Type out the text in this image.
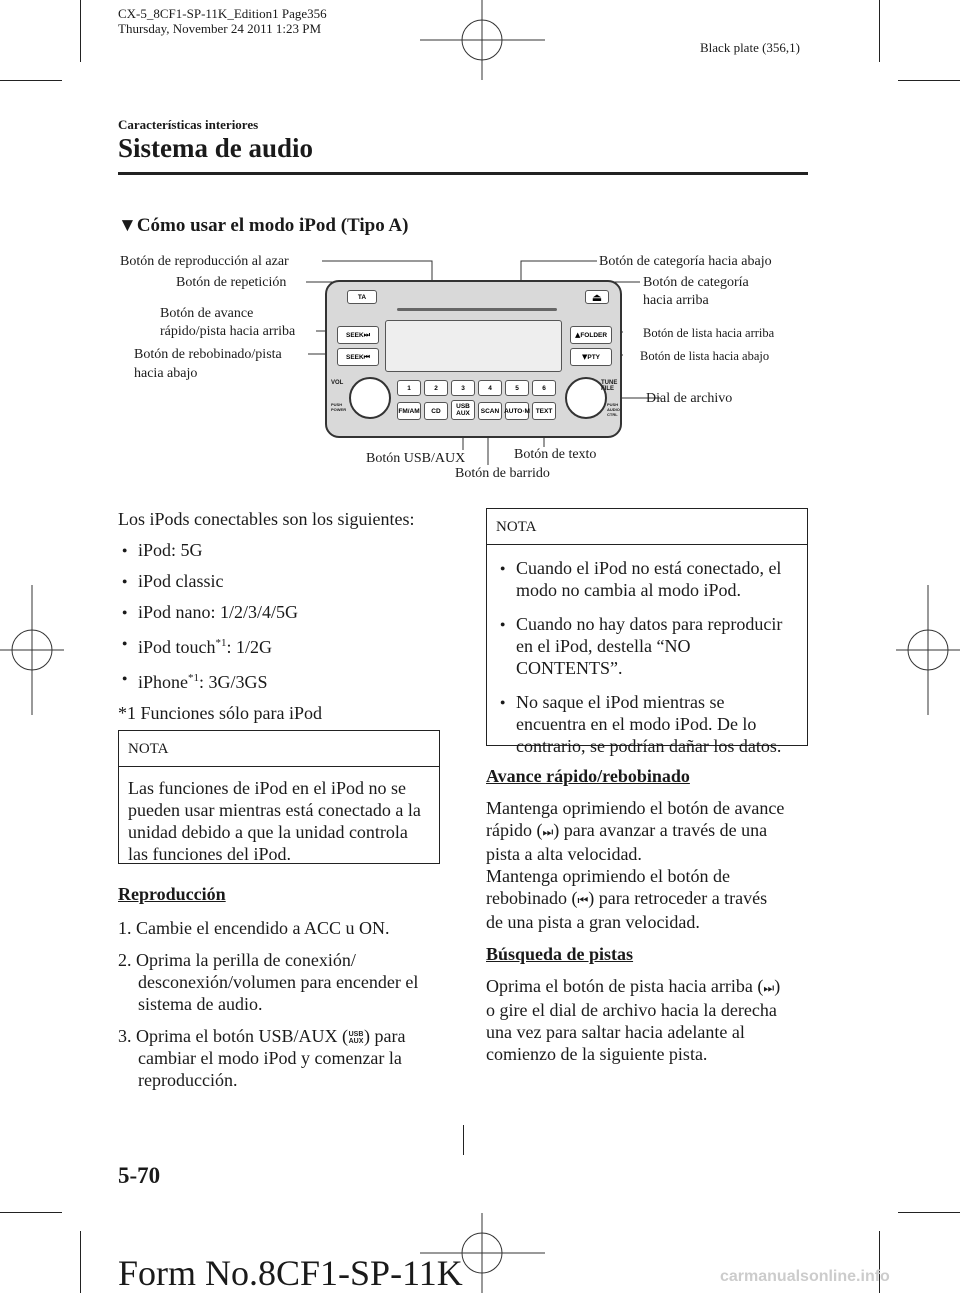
CX-5_8CF1-SP-11K_Edition1 Page356
Thursday, November 24 2011 1:23 PM
Black plate (356,1)
Características interiores
Sistema de audio
▼Cómo usar el modo iPod (Tipo A)
TA	⏏
SEEK ⏭
SEEK ⏮
▲ FOLDER
▼ PTY
VOL
PUSH POWER
TUNE FILE
PUSH AUDIO CTRL
1	2	3	4	5	6
FM/AM	CD
USB AUX	SCAN AUTO·M TEXT
Botón de reproducción al azar
Botón de repetición
Botón de avance
rápido/pista hacia arriba
Botón de rebobinado/pista
hacia abajo
Botón de categoría hacia abajo
Botón de categoría
hacia arriba
Botón de lista hacia arriba
Botón de lista hacia abajo
Dial de archivo
Botón USB/AUX	Botón de texto
Botón de barrido
Los iPods conectables son los siguientes:
● iPod: 5G
● iPod classic
● iPod nano: 1/2/3/4/5G
● iPod touch$^{*1}$: 1/2G
● iPhone$^{*1}$: 3G/3GS
*1 Funciones sólo para iPod
NOTA
Las funciones de iPod en el iPod no se pueden usar mientras está conectado a la unidad debido a que la unidad controla las funciones del iPod.
Reproducción
1. Cambie el encendido a ACC u ON.
2. Oprima la perilla de conexión/
desconexión/volumen para encender el
sistema de audio.
3. Oprima el botón USB/AUX (USB AUX) para
cambiar el modo iPod y comenzar la
reproducción.
NOTA
● Cuando el iPod no está conectado, el modo no cambia al modo iPod.
● Cuando no hay datos para reproducir en el iPod, destella “NO CONTENTS”.
● No saque el iPod mientras se encuentra en el modo iPod. De lo contrario, se podrían dañar los datos.
Avance rápido/rebobinado
Mantenga oprimiendo el botón de avance
rápido (⏭) para avanzar a través de una
pista a alta velocidad.
Mantenga oprimiendo el botón de
rebobinado (⏮) para retroceder a través
de una pista a gran velocidad.
Búsqueda de pistas
Oprima el botón de pista hacia arriba (⏭)
o gire el dial de archivo hacia la derecha
una vez para saltar hacia adelante al
comienzo de la siguiente pista.
5-70
Form No.8CF1-SP-11K	carmanualsonline.info
